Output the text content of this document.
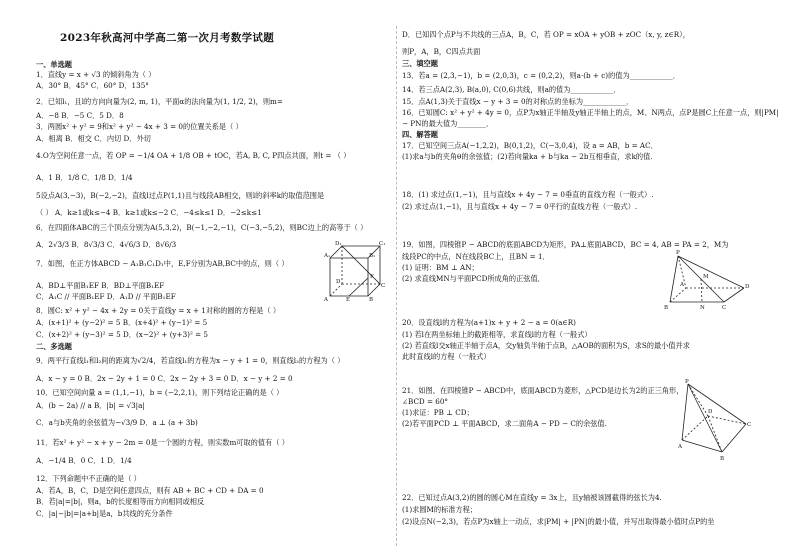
2023年秋高河中学高二第一次月考数学试题
一、单选题
1．直线y = x + √3 的倾斜角为（ ）
A．30° B．45° C．60° D．135°
2．已知l₁，且l的方向向量为(2, m, 1)，平面α的法向量为(1, 1/2, 2)，则m=
A．−8 B．−5 C．5 D．8
3．两圆x² + y² = 9和x² + y² − 4x + 3 = 0的位置关系是（ ）
A．相离 B．相交 C．内切 D．外切
4.O为空间任意一点，若 OP = −1/4 OA + 1/8 OB + tOC，若A, B, C, P四点共面，则t = （ ）
A．1 B．1/8 C．1/8 D．1/4
5设点A(3,−3)，B(−2,−2)，直线l过点P(1,1)且与线段AB相交，则l的斜率k的取值范围是
（ ） A．k≥1或k≤−4 B．k≥1或k≤−2 C．−4≤k≤1 D．−2≤k≤1
6．在四面体ABC的三个顶点分别为A(5,3,2)，B(−1,−2,−1)，C(−3,−5,2)，则BC边上的高等于（ ）
A．2√3/3 B．8√3/3 C．4√6/3 D．8√6/3
7．如图，在正方体ABCD − A₁B₁C₁D₁中，E,F分别为AB,BC中的点，则（ ）
A．BD⊥平面B₁EF B．BD⊥平面B₁EF
C．A₁C // 平面B₁EF D．A₁D // 平面B₁EF
8．圆C: x² + y² − 4x + 2y = 0关于直线y = x + 1对称的圆的方程是（ ）
A．(x+1)² + (y−2)² = 5 B．(x+4)² + (y−1)² = 5
C．(x+2)² + (y−3)² = 5 D．(x−2)² + (y+3)² = 5
二、多选题
9．两平行直线l₁和l₂间的距离为√2/4，若直线l₁的方程为x − y + 1 = 0，则直线l₂的方程为（ ）
A．x − y = 0 B．2x − 2y + 1 = 0 C．2x − 2y + 3 = 0 D．x − y + 2 = 0
10．已知空间向量 a = (1,1,−1)，b = (−2,2,1)，则下列结论正确的是（ ）
A．(b − 2a) // a B．|b| = √3|a|
C．a与b夹角的余弦值为−√3/9 D．a ⊥ (a + 3b)
11．若x² + y² − x + y − 2m = 0是一个圆的方程，则实数m可取的值有（ ）
A．−1/4 B．0 C．1 D．1/4
12．下列命题中不正确的是（ ）
A．若A，B，C，D是空间任意四点，则有 AB + BC + CD + DA = 0
B．若|a|=|b|，则a，b的长度相等而方向相同或相反
C．|a|−|b|=|a+b|是a，b共线的充分条件
D₁	C₁
A₁	B₁
D
C
A	B
E
F
D．已知四个点P与不共线的三点A，B，C，若 OP = xOA + yOB + zOC（x, y, z∈R），
则P，A，B，C四点共面
三、填空题
13．若a = (2,3,−1)，b = (2,0,3)，c = (0,2,2)，则a·(b + c)的值为____________．
14．若三点A(2,3), B(a,0), C(0,6)共线，则a的值为____________．
15．点A(1,3)关于直线x − y + 3 = 0的对称点的坐标为____________．
16．已知圆C: x² + y² + 4y = 0，点P为x轴正半轴及y轴正半轴上的点，M、N两点，点P是圆C上任意一点，则|PM|
− PN的最大值为________．
四、解答题
17．已知空间三点A(−1,2,2)，B(0,1,2)，C(−3,0,4)，设 a = AB，b = AC．
(1)求a与b的夹角θ的余弦值；(2)若向量ka + b与ka − 2b互相垂直，求k的值.
18．(1) 求过点(1,−1)，且与直线x + 4y − 7 = 0垂直的直线方程（一般式）.
(2) 求过点(1,−1)，且与直线x + 4y − 7 = 0平行的直线方程（一般式）.
19．如图，四棱锥P − ABCD的底面ABCD为矩形，PA⊥底面ABCD，BC = 4, AB = PA = 2，M为
线段PC的中点，N在线段BC上，且BN = 1．
(1) 证明：BM ⊥ AN；
(2) 求直线MN与平面PCD所成角的正弦值．
20．设直线l的方程为(a+1)x + y + 2 − a = 0(a∈R)
(1) 若l在两坐标轴上的截距相等，求直线l的方程（一般式）
(2) 若直线l交x轴正半轴于点A，交y轴负半轴于点B，△AOB的面积为S，求S的最小值并求
此时直线l的方程（一般式）
21．如图，在四棱锥P − ABCD中，底面ABCD为菱形，△PCD是边长为2的正三角形，
∠BCD = 60°
(1)求证：PB ⊥ CD；
(2)若平面PCD ⊥ 平面ABCD，求二面角A − PD − C的余弦值.
22．已知过点A(3,2)的圆的圆心M在直线y = 3x上，且y轴被该圆截得的弦长为4.
(1)求圆M的标准方程；
(2)设点N(−2,3)，若点P为x轴上一动点，求|PM| + |PN|的最小值，并写出取得最小值时点P的坐
P
M
A
B	C
D
N
P
D
C
A
B
